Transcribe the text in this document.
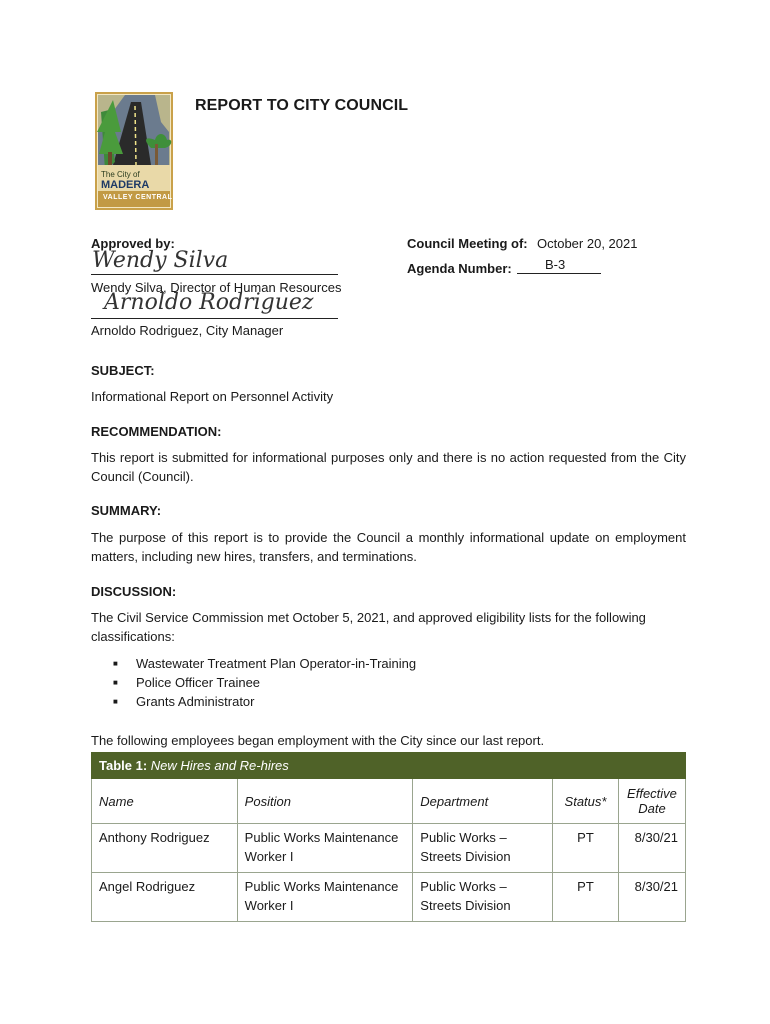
The City of
MADERA
VALLEY CENTRAL
REPORT TO CITY COUNCIL
Approved by:
Wendy Silva
Wendy Silva, Director of Human Resources
Arnoldo Rodriguez
Arnoldo Rodriguez, City Manager
Council Meeting of: October 20, 2021
Agenda Number:	B-3
SUBJECT:
Informational Report on Personnel Activity
RECOMMENDATION:
This report is submitted for informational purposes only and there is no action requested from the City Council (Council).
SUMMARY:
The purpose of this report is to provide the Council a monthly informational update on employment matters, including new hires, transfers, and terminations.
DISCUSSION:
The Civil Service Commission met October 5, 2021, and approved eligibility lists for the following classifications:
■ Wastewater Treatment Plan Operator-in-Training
■ Police Officer Trainee
■ Grants Administrator
The following employees began employment with the City since our last report.
Table 1: New Hires and Re-hires				
Name	Position	Department	Status*	Effective Date
Anthony Rodriguez	Public Works Maintenance Worker I	Public Works – Streets Division	PT	8/30/21
Angel Rodriguez	Public Works Maintenance Worker I	Public Works – Streets Division	PT	8/30/21
